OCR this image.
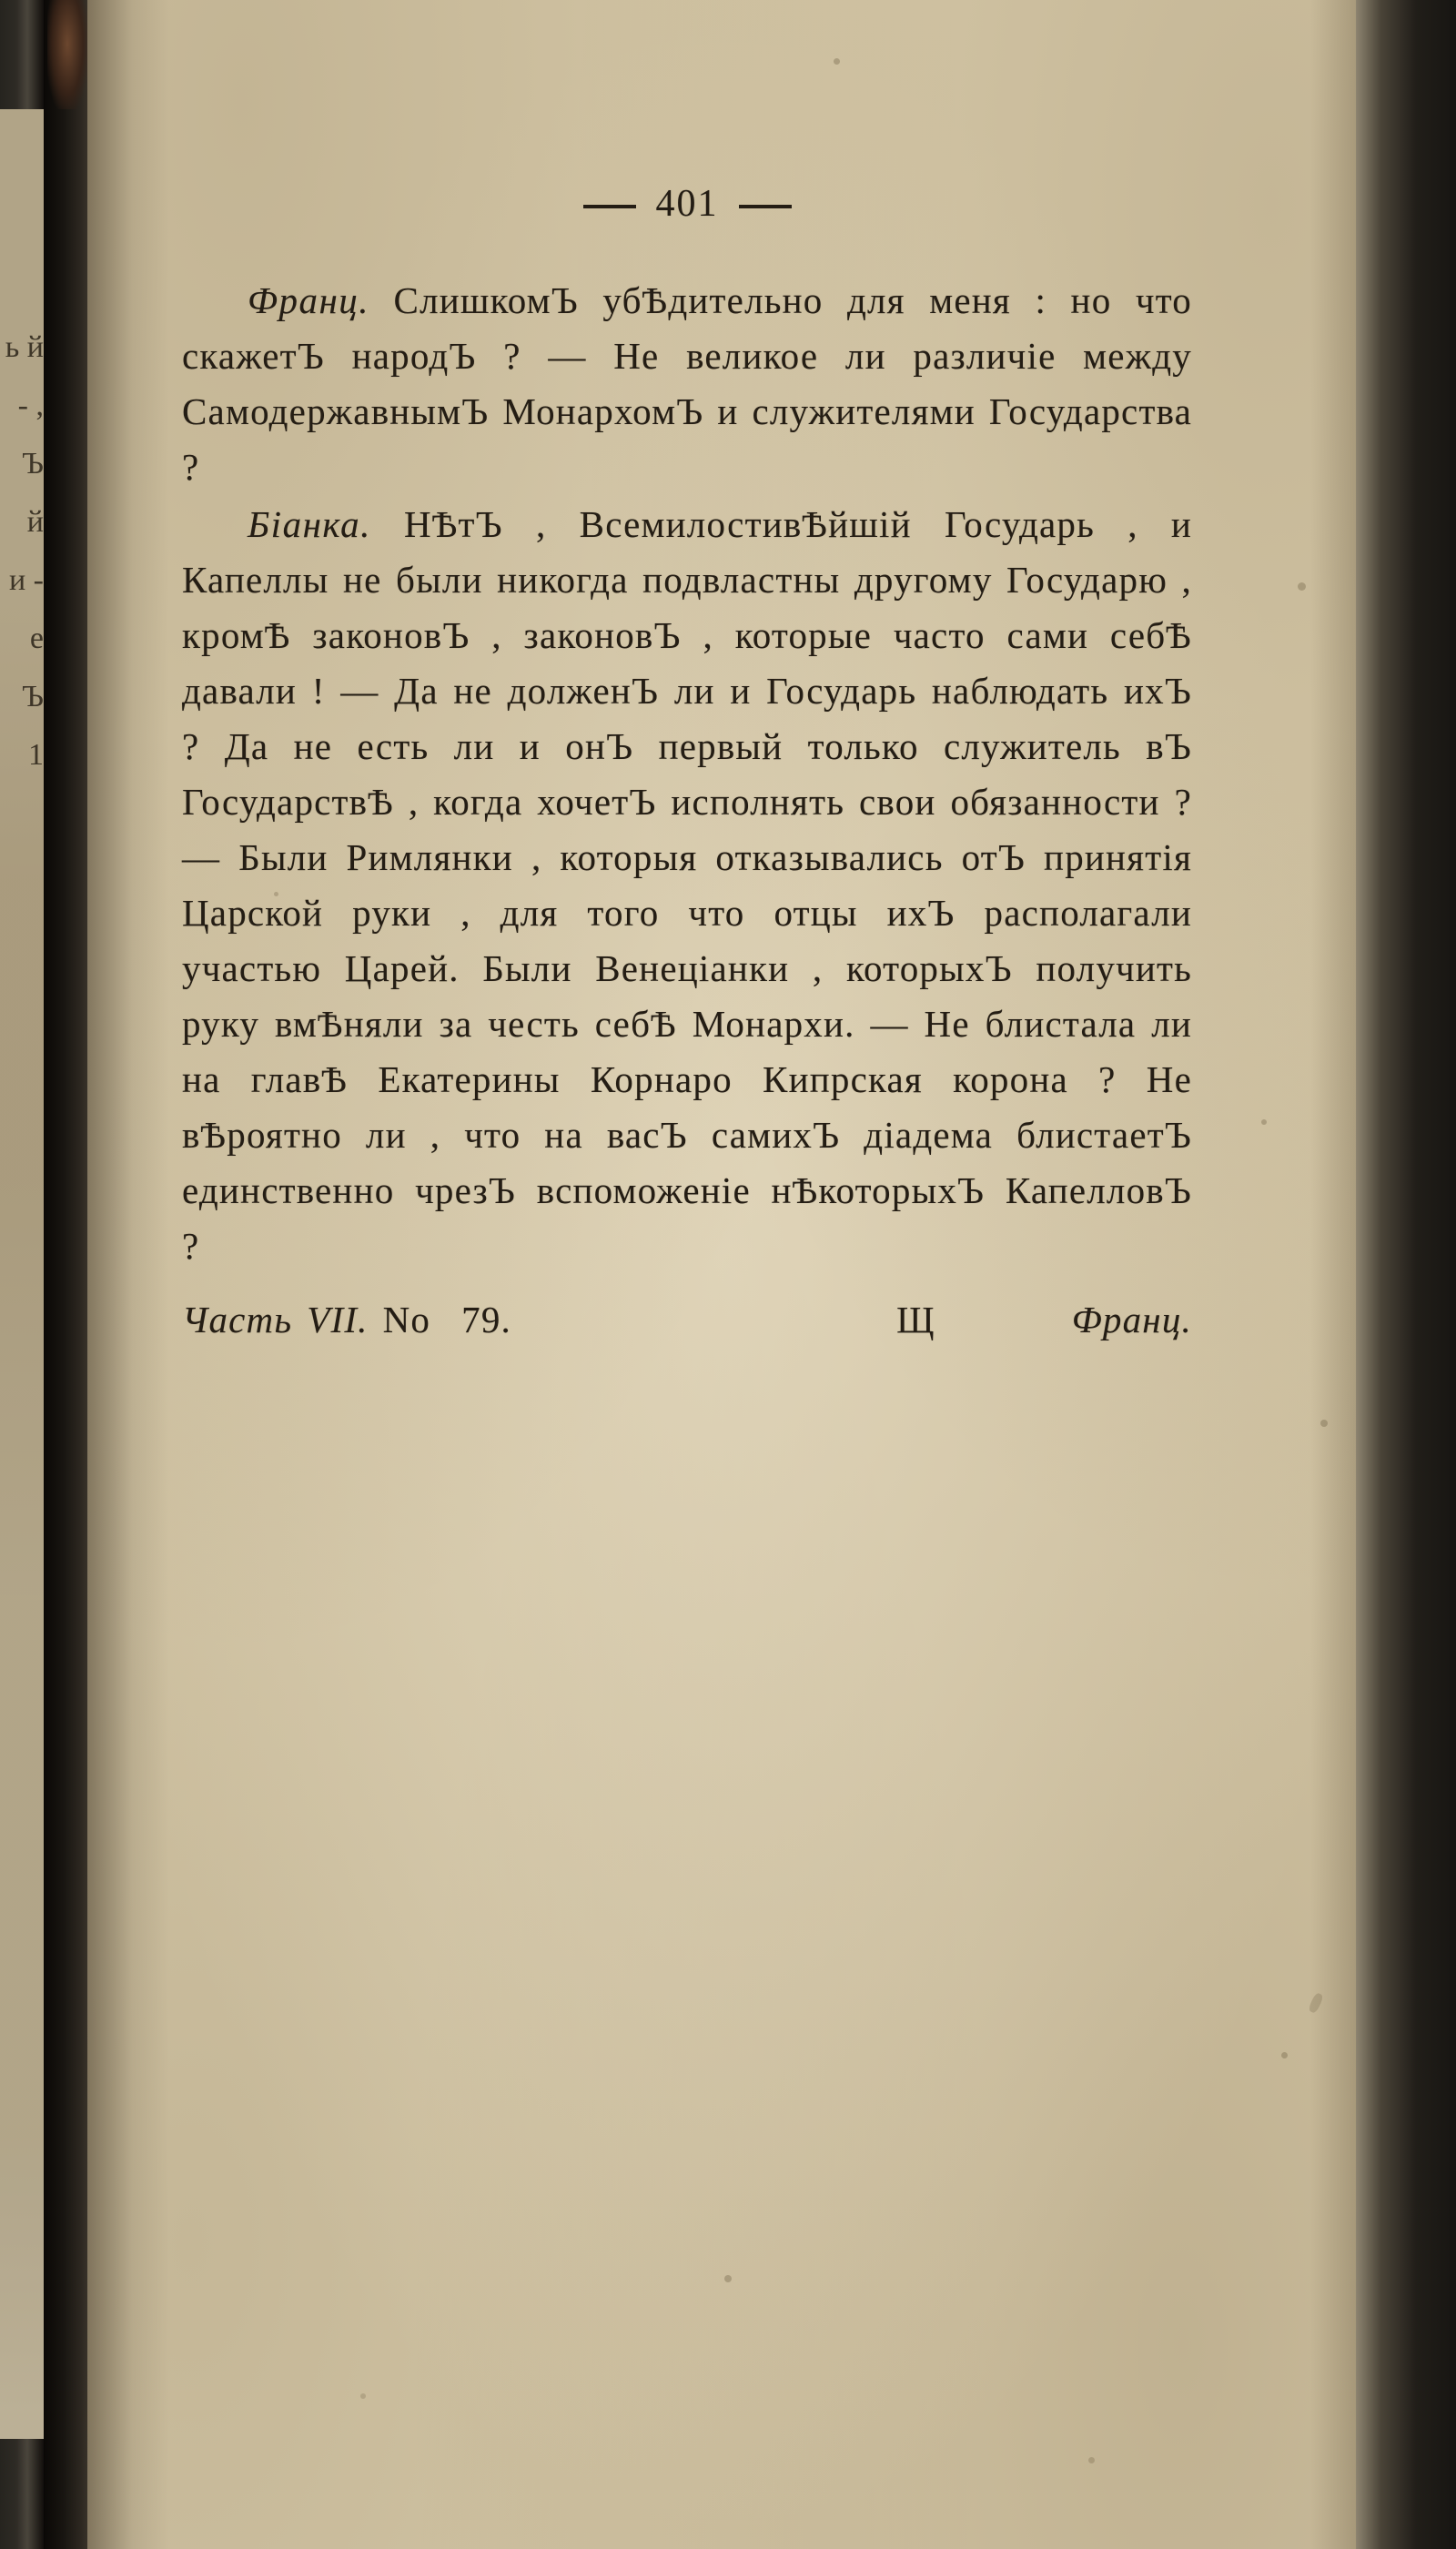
ь й - , Ъ й и - е Ъ 1
401

Франц. СлишкомЪ убѢдительно для меня : но что скажетЪ народЪ ? — Не великое ли различіе между СамодержавнымЪ МонархомЪ и служителями Государства ?

Біанка. НѢтЪ , ВсемилостивѢйшій Государь , и Капеллы не были никогда подвластны другому Государю , кромѢ законовЪ , законовЪ , которые часто сами себѢ давали ! — Да не долженЪ ли и Государь наблюдать ихЪ ? Да не есть ли и онЪ первый только служитель вЪ ГосударствѢ , когда хочетЪ исполнять свои обязанности ? — Были Римлянки , которыя отказывались отЪ принятія Царской руки , для того что отцы ихЪ располагали участью Царей. Были Венеціанки , которыхЪ получить руку вмѢняли за честь себѢ Монархи. — Не блистала ли на главѢ Екатерины Корнаро Кипрская корона ? Не вѢроятно ли , что на васЪ самихЪ діадема блистаетЪ единственно чрезЪ вспоможеніе нѢкоторыхЪ КапелловЪ ?

Часть VII. No 79.	Щ	Франц.
